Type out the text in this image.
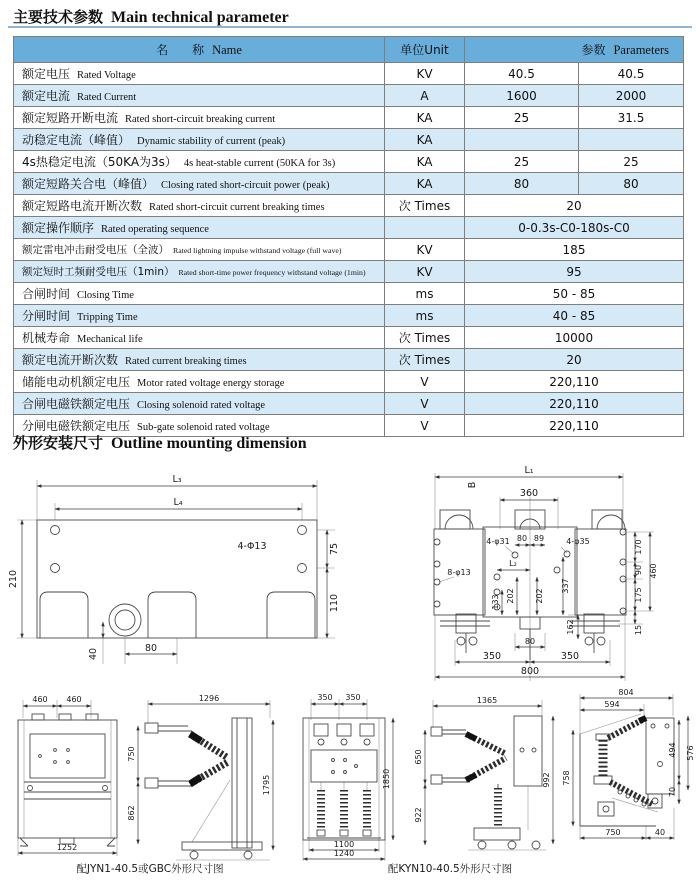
主要技术参数 Main technical parameter
名　　称 Name	单位Unit	参数 Parameters	
额定电压 Rated Voltage	KV	40.5	40.5
额定电流 Rated Current	A	1600	2000
额定短路开断电流 Rated short-circuit breaking current	KA	25	31.5
动稳定电流（峰值） Dynamic stability of current (peak)	KA		
4s热稳定电流（50KA为3s） 4s heat-stable current (50KA for 3s)	KA	25	25
额定短路关合电（峰值） Closing rated short-circuit power (peak)	KA	80	80
额定短路电流开断次数 Rated short-circuit current breaking times	次 Times	20	
额定操作顺序 Rated operating sequence		0-0.3s-C0-180s-C0	
额定雷电冲击耐受电压（全波） Rated lightning impulse withstand voltage (full wave)	KV	185	
额定短时工频耐受电压（1min） Rated short-time power frequency withstand voltage (1min)	KV	95	
合闸时间 Closing Time	ms	50 - 85	
分闸时间 Tripping Time	ms	40 - 85	
机械寿命 Mechanical life	次 Times	10000	
额定电流开断次数 Rated current breaking times	次 Times	20	
储能电动机额定电压 Motor rated voltage energy storage	V	220,110	
合闸电磁铁额定电压 Closing solenoid rated voltage	V	220,110	
分闸电磁铁额定电压 Sub-gate solenoid rated voltage	V	220,110	
外形安装尺寸 Outline mounting dimension
L₃
L₄
210
4-Φ13	75
110
40	80
L₁
B
360
4-φ31 80 89	4-φ35
8-φ13
L₂
133 202	202
337
170
90
175
460
15
162
80
350	350
800
460 460
1252
1296
750
862
1795
350 350
1850
1100
1240
1365
650
922
804
594
992 758
494 576
70
750	40
配JYN1-40.5或GBC外形尺寸图	配KYN10-40.5外形尺寸图
